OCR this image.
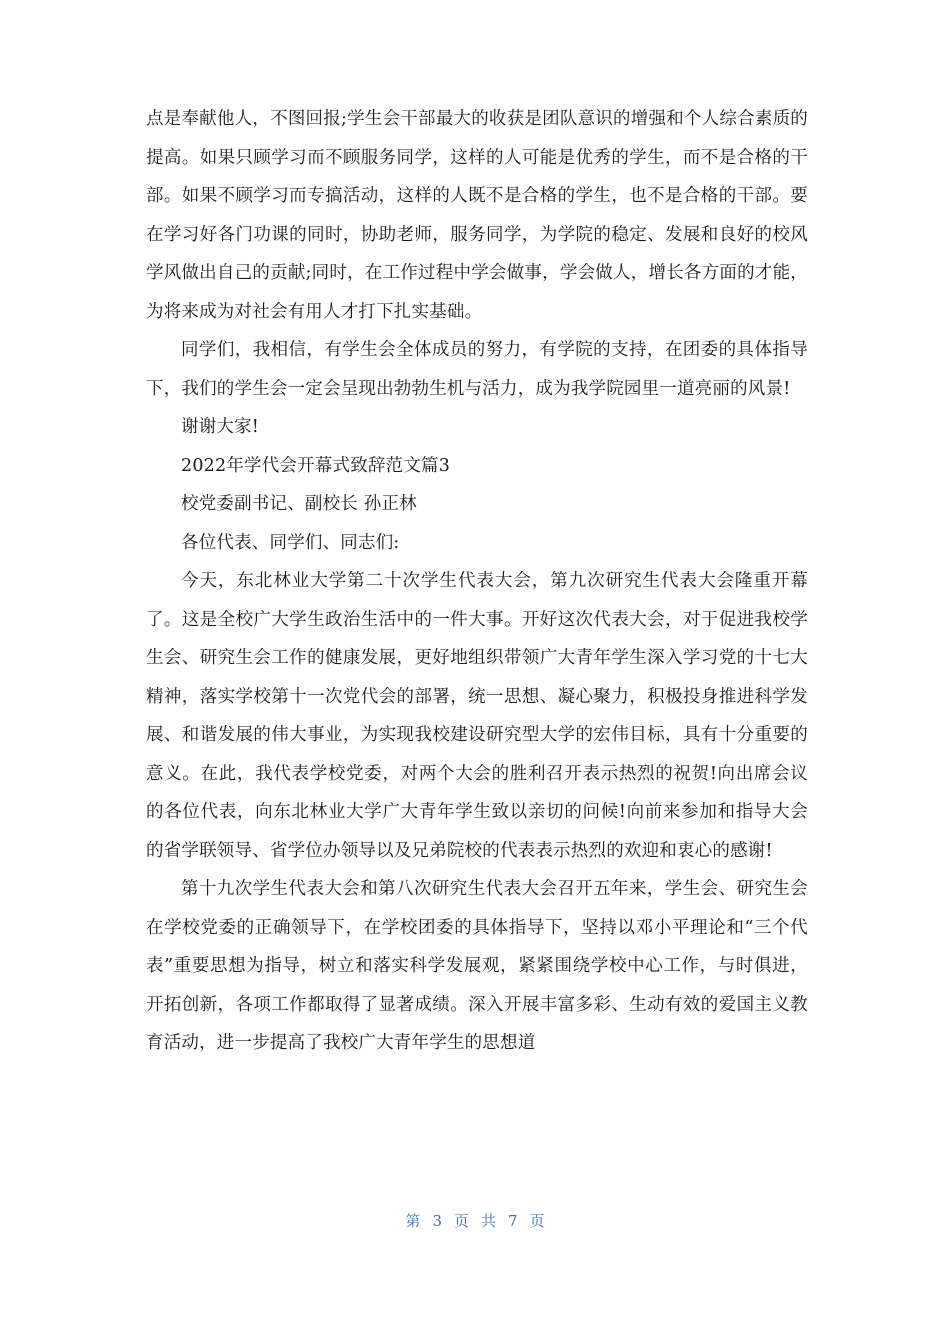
点是奉献他人，不图回报;学生会干部最大的收获是团队意识的增强和个人综合素质的提高。如果只顾学习而不顾服务同学，这样的人可能是优秀的学生，而不是合格的干部。如果不顾学习而专搞活动，这样的人既不是合格的学生，也不是合格的干部。要在学习好各门功课的同时，协助老师，服务同学，为学院的稳定、发展和良好的校风学风做出自己的贡献;同时，在工作过程中学会做事，学会做人，增长各方面的才能，为将来成为对社会有用人才打下扎实基础。

同学们，我相信，有学生会全体成员的努力，有学院的支持，在团委的具体指导下，我们的学生会一定会呈现出勃勃生机与活力，成为我学院园里一道亮丽的风景!

谢谢大家!

2022年学代会开幕式致辞范文篇3

校党委副书记、副校长 孙正林

各位代表、同学们、同志们:

今天，东北林业大学第二十次学生代表大会，第九次研究生代表大会隆重开幕了。这是全校广大学生政治生活中的一件大事。开好这次代表大会，对于促进我校学生会、研究生会工作的健康发展，更好地组织带领广大青年学生深入学习党的十七大精神，落实学校第十一次党代会的部署，统一思想、凝心聚力，积极投身推进科学发展、和谐发展的伟大事业，为实现我校建设研究型大学的宏伟目标，具有十分重要的意义。在此，我代表学校党委，对两个大会的胜利召开表示热烈的祝贺!向出席会议的各位代表，向东北林业大学广大青年学生致以亲切的问候!向前来参加和指导大会的省学联领导、省学位办领导以及兄弟院校的代表表示热烈的欢迎和衷心的感谢!

第十九次学生代表大会和第八次研究生代表大会召开五年来，学生会、研究生会在学校党委的正确领导下，在学校团委的具体指导下，坚持以邓小平理论和“三个代表”重要思想为指导，树立和落实科学发展观，紧紧围绕学校中心工作，与时俱进，开拓创新，各项工作都取得了显著成绩。深入开展丰富多彩、生动有效的爱国主义教育活动，进一步提高了我校广大青年学生的思想道

第 3 页 共 7 页
